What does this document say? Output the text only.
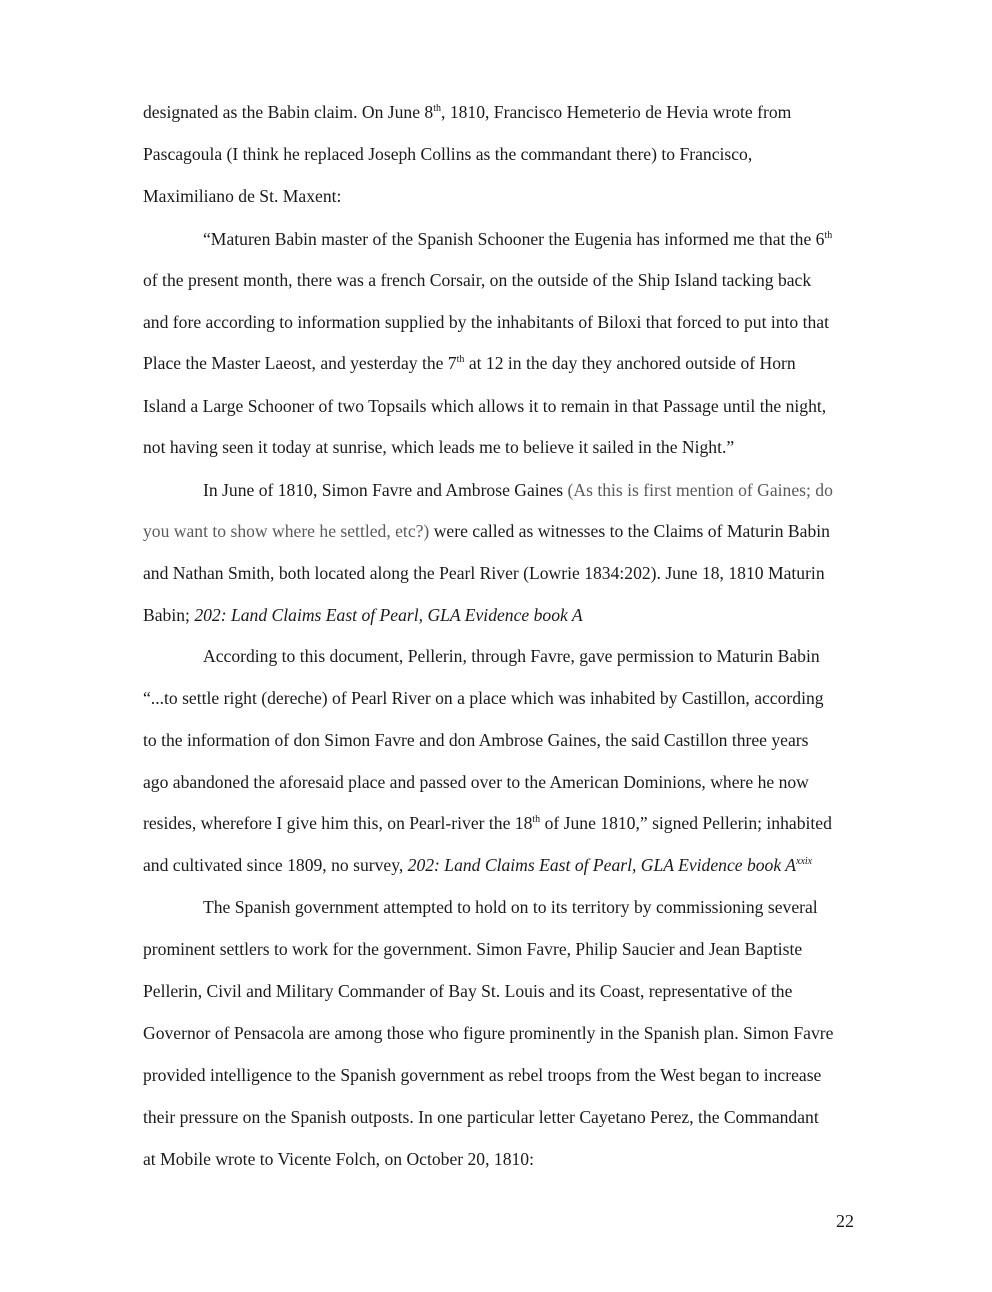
designated as the Babin claim. On June 8th, 1810, Francisco Hemeterio de Hevia wrote from
Pascagoula (I think he replaced Joseph Collins as the commandant there) to Francisco,
Maximiliano de St. Maxent:
“Maturen Babin master of the Spanish Schooner the Eugenia has informed me that the 6th
of the present month, there was a french Corsair, on the outside of the Ship Island tacking back
and fore according to information supplied by the inhabitants of Biloxi that forced to put into that
Place the Master Laeost, and yesterday the 7th at 12 in the day they anchored outside of Horn
Island a Large Schooner of two Topsails which allows it to remain in that Passage until the night,
not having seen it today at sunrise, which leads me to believe it sailed in the Night.”
In June of 1810, Simon Favre and Ambrose Gaines (As this is first mention of Gaines; do
you want to show where he settled, etc?) were called as witnesses to the Claims of Maturin Babin
and Nathan Smith, both located along the Pearl River (Lowrie 1834:202). June 18, 1810 Maturin
Babin; 202: Land Claims East of Pearl, GLA Evidence book A
According to this document, Pellerin, through Favre, gave permission to Maturin Babin
“...to settle right (dereche) of Pearl River on a place which was inhabited by Castillon, according
to the information of don Simon Favre and don Ambrose Gaines, the said Castillon three years
ago abandoned the aforesaid place and passed over to the American Dominions, where he now
resides, wherefore I give him this, on Pearl-river the 18th of June 1810,” signed Pellerin; inhabited
and cultivated since 1809, no survey, 202: Land Claims East of Pearl, GLA Evidence book $A^{xxix}$
The Spanish government attempted to hold on to its territory by commissioning several
prominent settlers to work for the government. Simon Favre, Philip Saucier and Jean Baptiste
Pellerin, Civil and Military Commander of Bay St. Louis and its Coast, representative of the
Governor of Pensacola are among those who figure prominently in the Spanish plan. Simon Favre
provided intelligence to the Spanish government as rebel troops from the West began to increase
their pressure on the Spanish outposts. In one particular letter Cayetano Perez, the Commandant
at Mobile wrote to Vicente Folch, on October 20, 1810:
22
